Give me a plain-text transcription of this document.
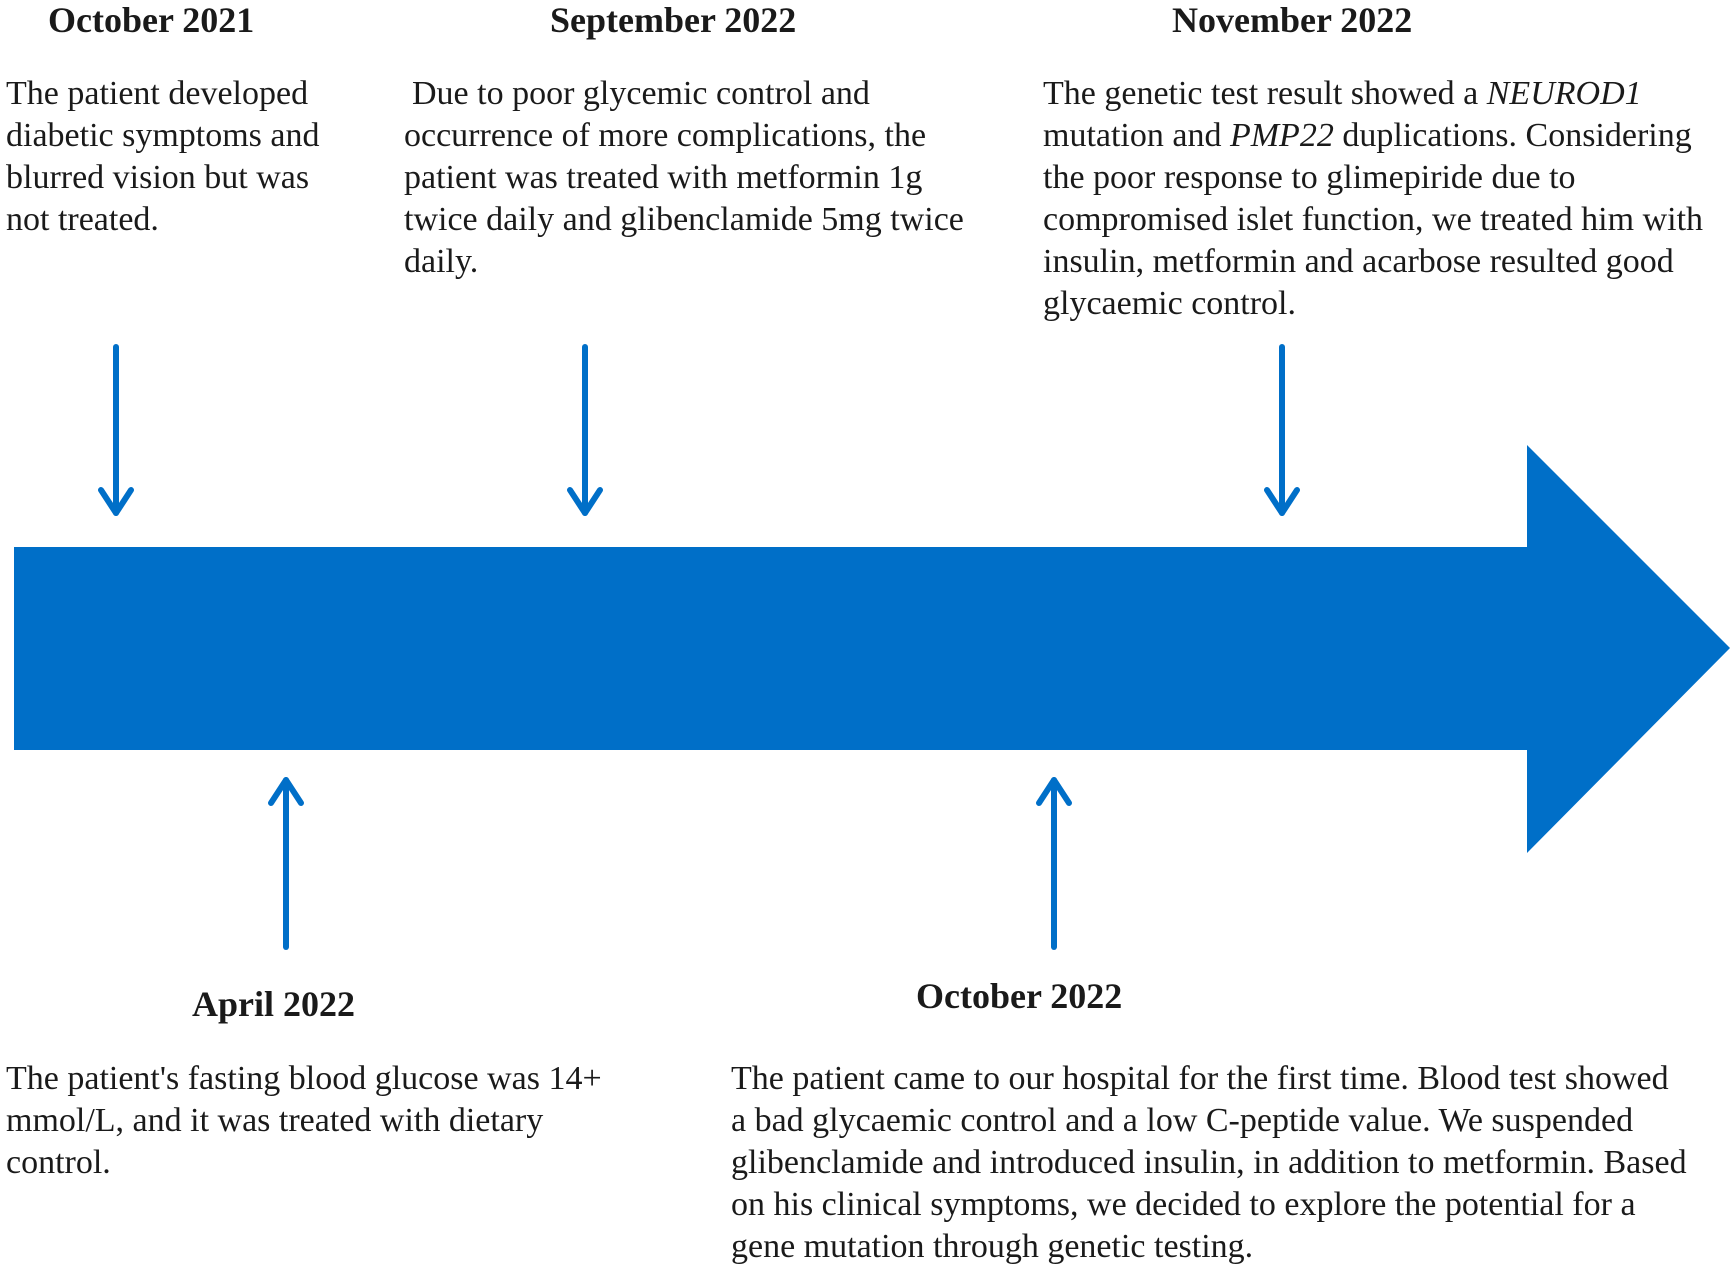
October 2021
The patient developed diabetic symptoms and blurred vision but was not treated.
September 2022
Due to poor glycemic control and occurrence of more complications, the patient was treated with metformin 1g twice daily and glibenclamide 5mg twice daily.
November 2022
The genetic test result showed a NEUROD1 mutation and PMP22 duplications. Considering the poor response to glimepiride due to compromised islet function, we treated him with insulin, metformin and acarbose resulted good glycaemic control.
April 2022
The patient's fasting blood glucose was 14+ mmol/L, and it was treated with dietary control.
October 2022
The patient came to our hospital for the first time. Blood test showed a bad glycaemic control and a low C-peptide value. We suspended glibenclamide and introduced insulin, in addition to metformin. Based on his clinical symptoms, we decided to explore the potential for a gene mutation through genetic testing.
